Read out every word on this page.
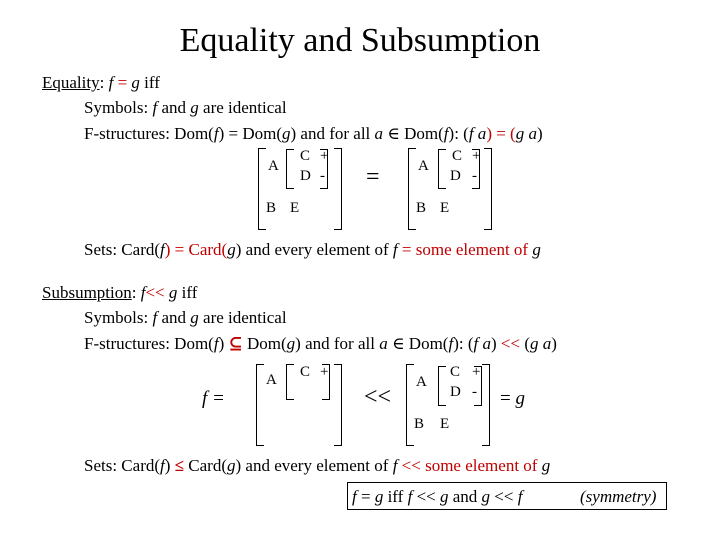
Equality and Subsumption
Equality: f = g iff
Symbols: f and g are identical
F-structures: Dom(f) = Dom(g) and for all a ∈ Dom(f): (f a) = (g a)
A
C +
D -
B E
=	A
C +
D -
B E
Sets: Card(f) = Card(g) and every element of f = some element of g
Subsumption: f<< g iff
Symbols: f and g are identical
F-structures: Dom(f) ⊆ Dom(g) and for all a ∈ Dom(f): (f a) << (g a)
f =
A C +
<<
A
C +
D -
B E
= g
Sets: Card(f) ≤ Card(g) and every element of f << some element of g
f = g iff f << g and g << f	(symmetry)
